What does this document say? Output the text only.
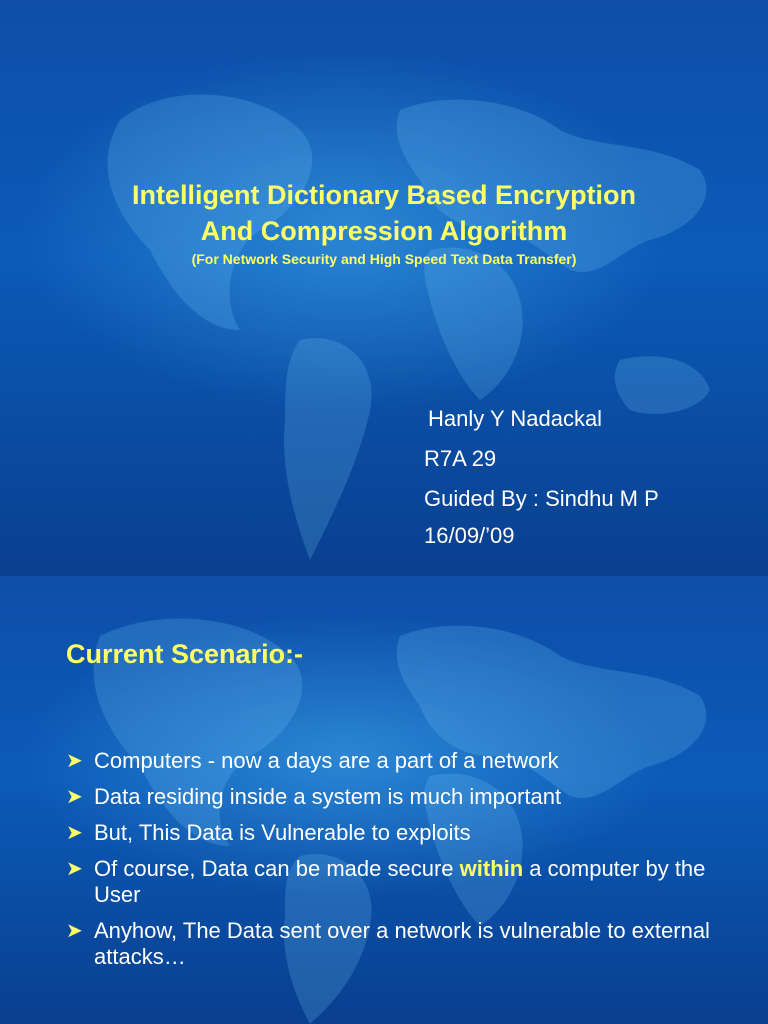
Intelligent Dictionary Based Encryption
And Compression Algorithm
(For Network Security and High Speed Text Data Transfer)
Hanly Y Nadackal
R7A 29
Guided By : Sindhu M P
16/09/’09
Current Scenario:-
➤ Computers - now a days are a part of a network
➤ Data residing inside a system is much important
➤ But, This Data is Vulnerable to exploits
➤ Of course, Data can be made secure within a computer by the User
➤ Anyhow, The Data sent over a network is vulnerable to external attacks…
